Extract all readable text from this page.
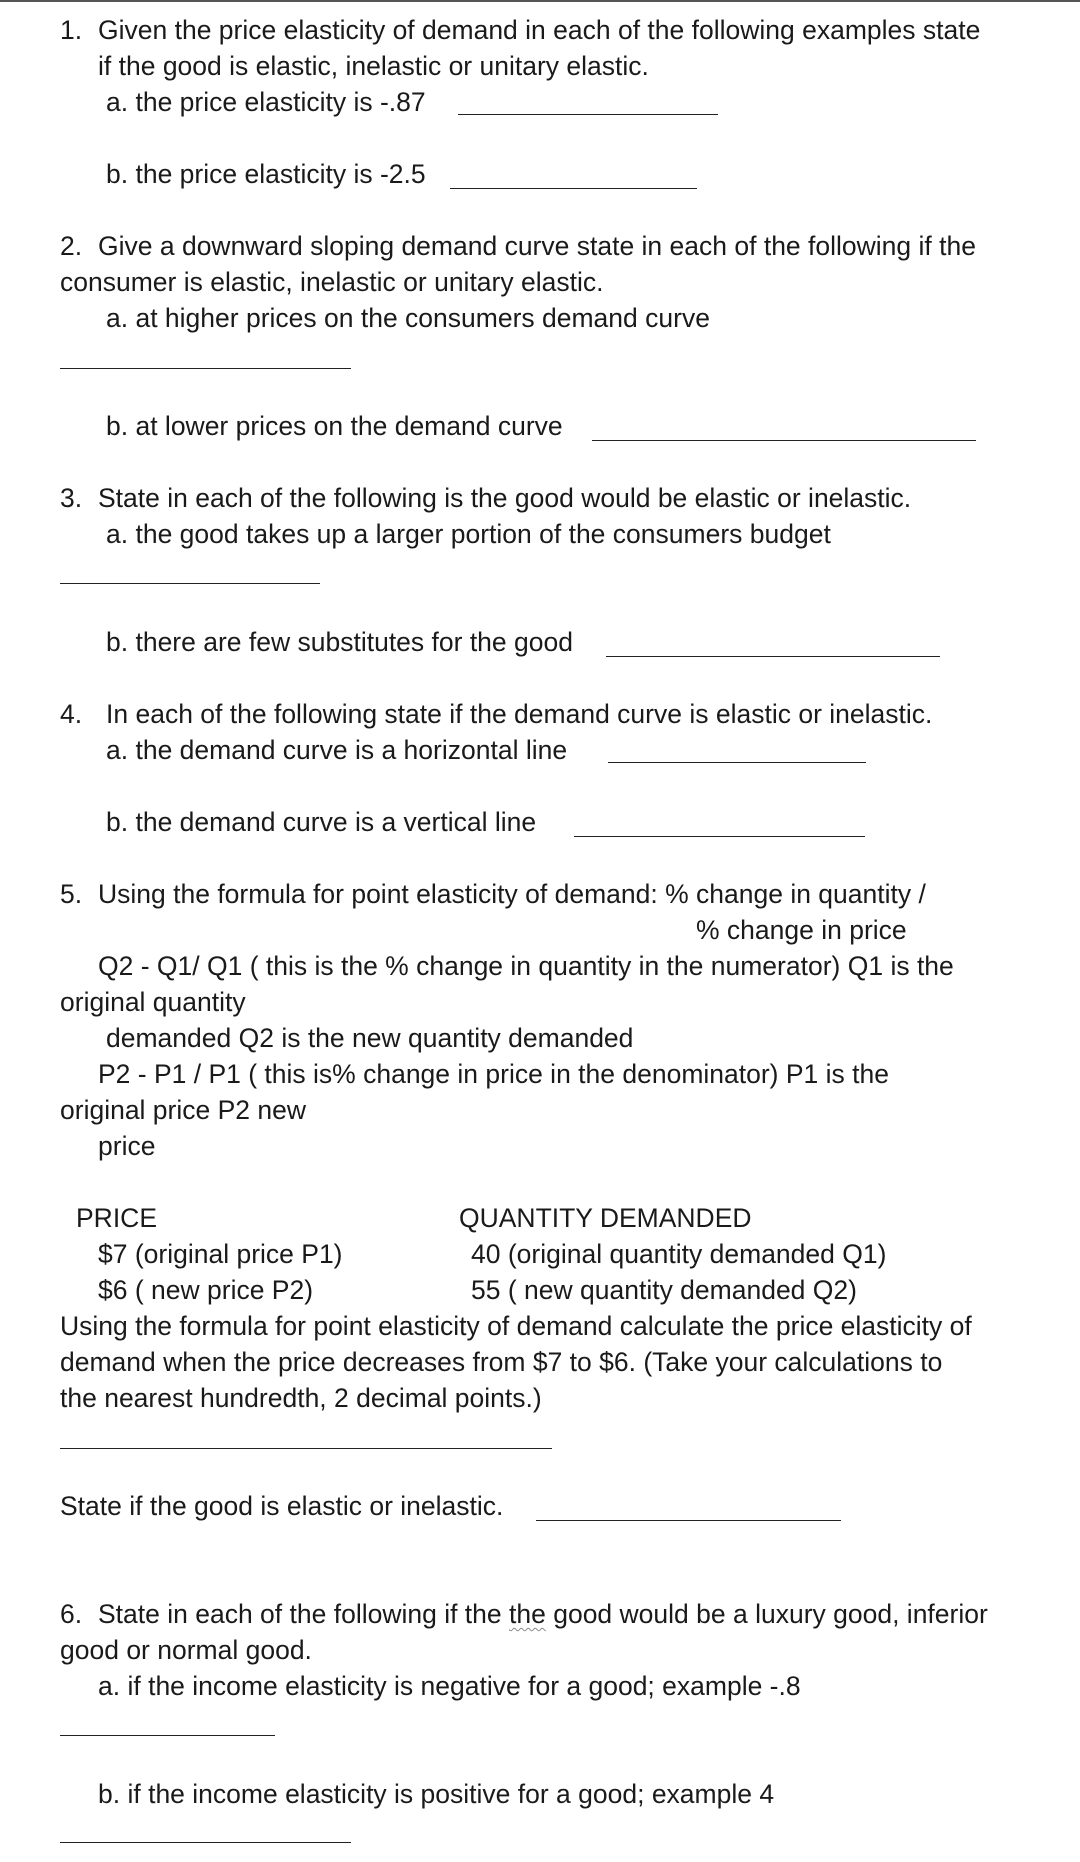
1. Given the price elasticity of demand in each of the following examples state
if the good is elastic, inelastic or unitary elastic.
a. the price elasticity is -.87
b. the price elasticity is -2.5
2. Give a downward sloping demand curve state in each of the following if the
consumer is elastic, inelastic or unitary elastic.
a. at higher prices on the consumers demand curve
b. at lower prices on the demand curve
3. State in each of the following is the good would be elastic or inelastic.
a. the good takes up a larger portion of the consumers budget
b. there are few substitutes for the good
4. In each of the following state if the demand curve is elastic or inelastic.
a. the demand curve is a horizontal line
b. the demand curve is a vertical line
5. Using the formula for point elasticity of demand: % change in quantity /
% change in price
Q2 - Q1/ Q1 ( this is the % change in quantity in the numerator) Q1 is the
original quantity
demanded Q2 is the new quantity demanded
P2 - P1 / P1 ( this is% change in price in the denominator) P1 is the
original price P2 new
price
PRICE	QUANTITY DEMANDED
$7 (original price P1)	40 (original quantity demanded Q1)
$6 ( new price P2)	55 ( new quantity demanded Q2)
Using the formula for point elasticity of demand calculate the price elasticity of
demand when the price decreases from $7 to $6. (Take your calculations to
the nearest hundredth, 2 decimal points.)
State if the good is elastic or inelastic.
6. State in each of the following if the the good would be a luxury good, inferior
good or normal good.
a. if the income elasticity is negative for a good; example -.8
b. if the income elasticity is positive for a good; example 4
